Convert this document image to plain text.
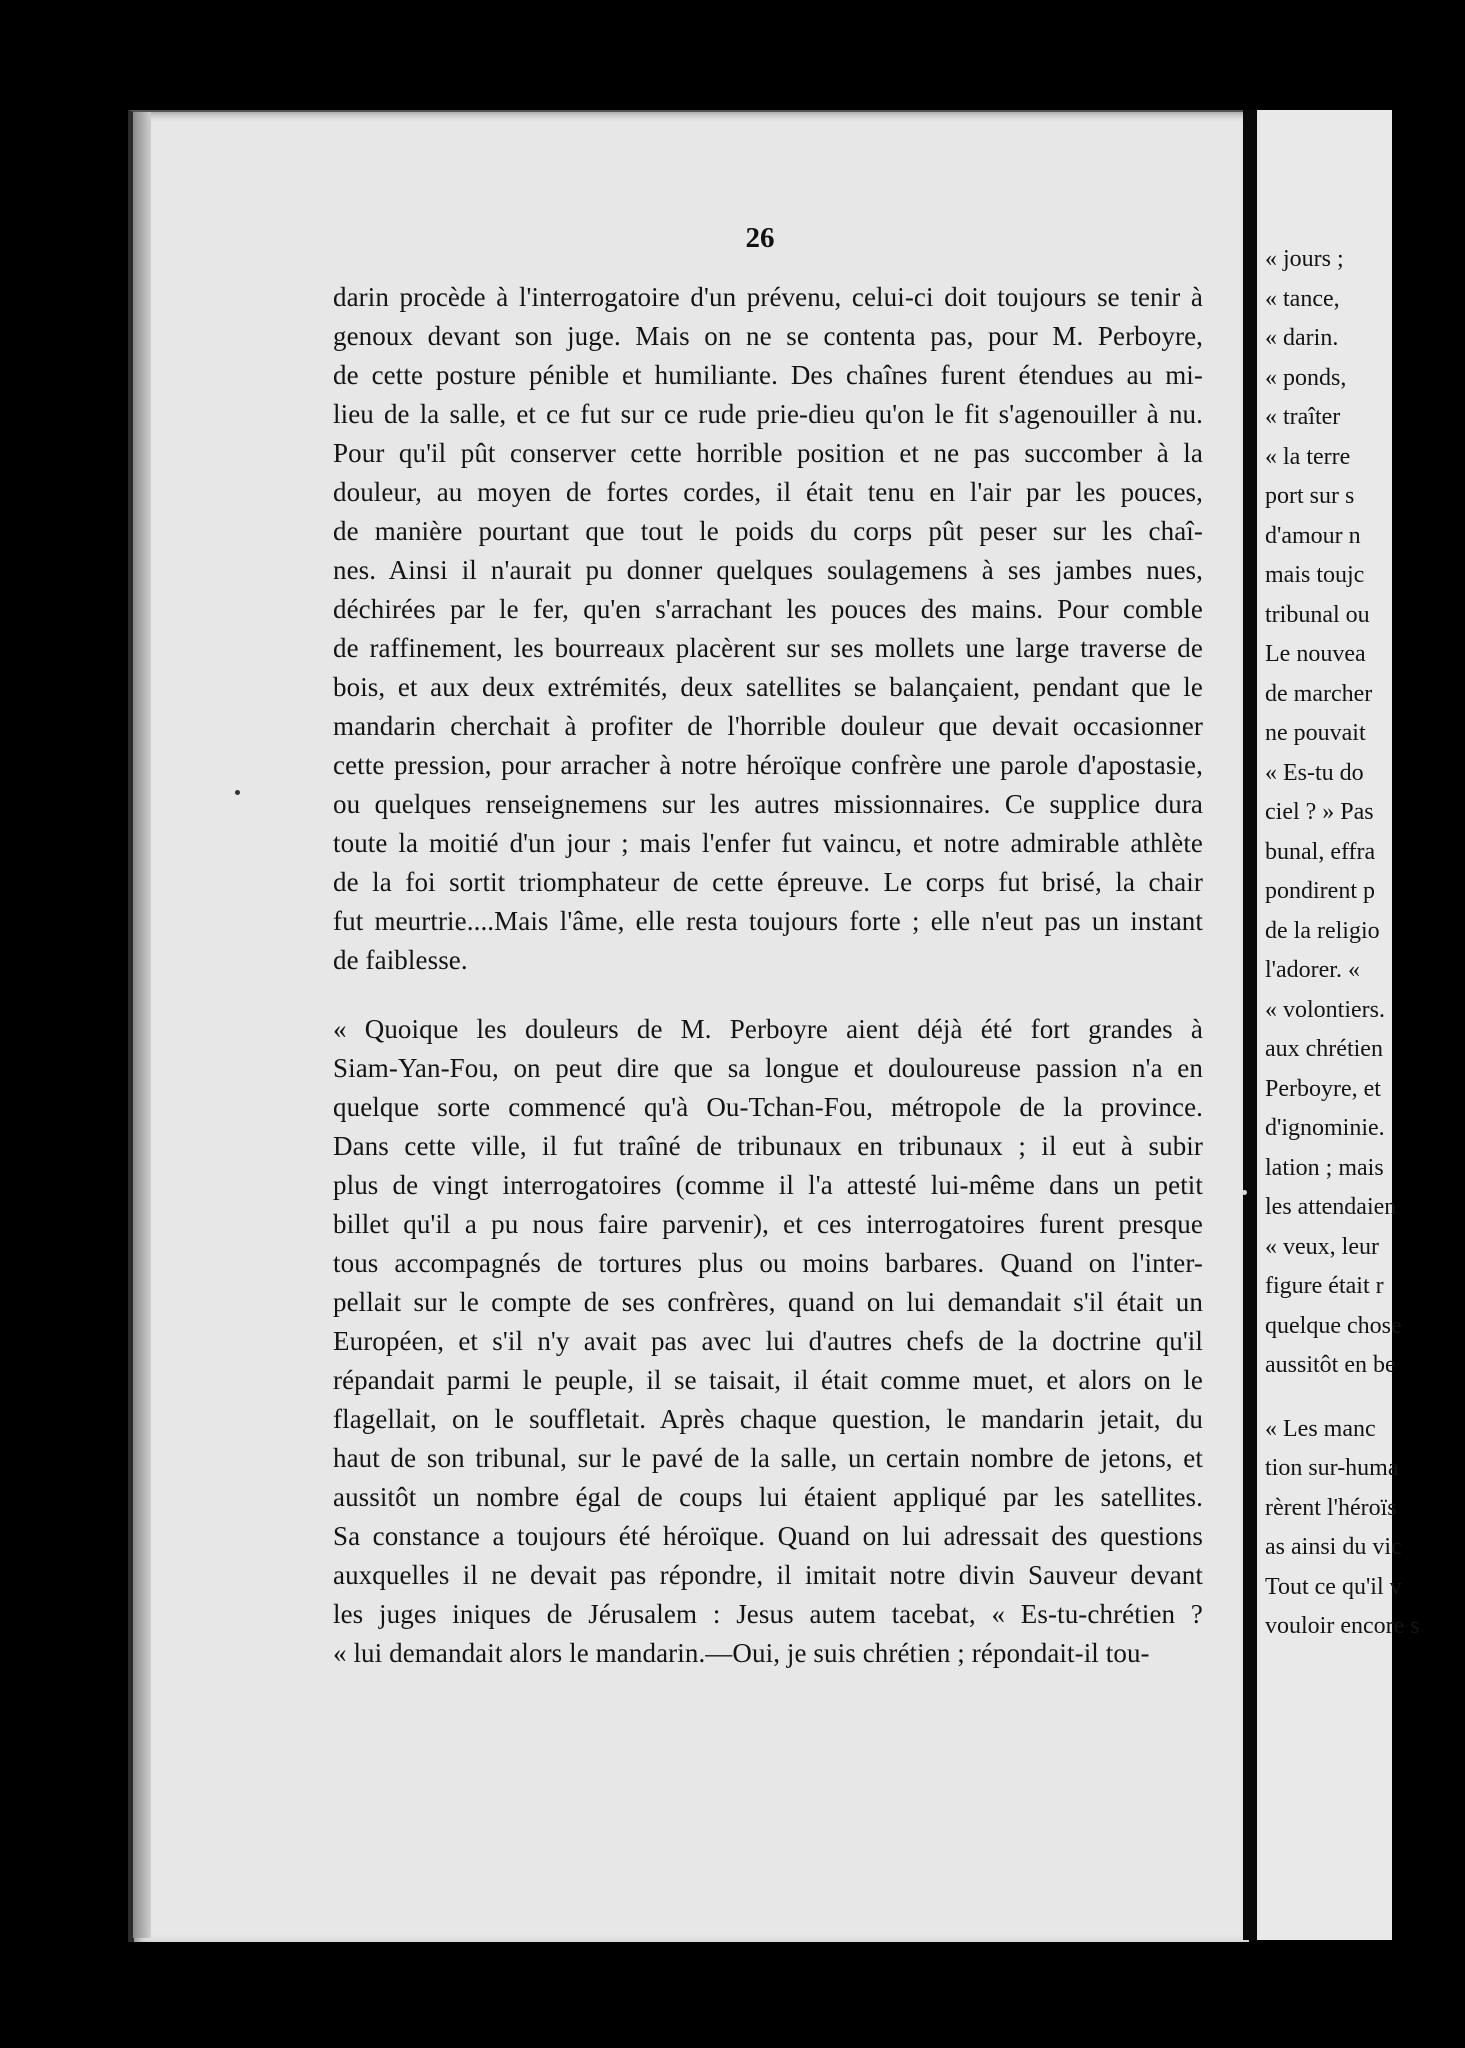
26
darin procède à l'interrogatoire d'un prévenu, celui-ci doit toujours se tenir à
genoux devant son juge. Mais on ne se contenta pas, pour M. Perboyre,
de cette posture pénible et humiliante. Des chaînes furent étendues au mi-
lieu de la salle, et ce fut sur ce rude prie-dieu qu'on le fit s'agenouiller à nu.
Pour qu'il pût conserver cette horrible position et ne pas succomber à la
douleur, au moyen de fortes cordes, il était tenu en l'air par les pouces,
de manière pourtant que tout le poids du corps pût peser sur les chaî-
nes. Ainsi il n'aurait pu donner quelques soulagemens à ses jambes nues,
déchirées par le fer, qu'en s'arrachant les pouces des mains. Pour comble
de raffinement, les bourreaux placèrent sur ses mollets une large traverse de
bois, et aux deux extrémités, deux satellites se balançaient, pendant que le
mandarin cherchait à profiter de l'horrible douleur que devait occasionner
cette pression, pour arracher à notre héroïque confrère une parole d'apostasie,
ou quelques renseignemens sur les autres missionnaires. Ce supplice dura
toute la moitié d'un jour ; mais l'enfer fut vaincu, et notre admirable athlète
de la foi sortit triomphateur de cette épreuve. Le corps fut brisé, la chair
fut meurtrie....Mais l'âme, elle resta toujours forte ; elle n'eut pas un instant
de faiblesse.
« Quoique les douleurs de M. Perboyre aient déjà été fort grandes à
Siam-Yan-Fou, on peut dire que sa longue et douloureuse passion n'a en
quelque sorte commencé qu'à Ou-Tchan-Fou, métropole de la province.
Dans cette ville, il fut traîné de tribunaux en tribunaux ; il eut à subir
plus de vingt interrogatoires (comme il l'a attesté lui-même dans un petit
billet qu'il a pu nous faire parvenir), et ces interrogatoires furent presque
tous accompagnés de tortures plus ou moins barbares. Quand on l'inter-
pellait sur le compte de ses confrères, quand on lui demandait s'il était un
Européen, et s'il n'y avait pas avec lui d'autres chefs de la doctrine qu'il
répandait parmi le peuple, il se taisait, il était comme muet, et alors on le
flagellait, on le souffletait. Après chaque question, le mandarin jetait, du
haut de son tribunal, sur le pavé de la salle, un certain nombre de jetons, et
aussitôt un nombre égal de coups lui étaient appliqué par les satellites.
Sa constance a toujours été héroïque. Quand on lui adressait des questions
auxquelles il ne devait pas répondre, il imitait notre divin Sauveur devant
les juges iniques de Jérusalem : Jesus autem tacebat, « Es-tu-chrétien ?
« lui demandait alors le mandarin.—Oui, je suis chrétien ; répondait-il tou-
« jours ;
« tance,
« darin.
« ponds,
« traîter
« la terre
port sur s
d'amour n
mais toujc
tribunal ou
Le nouvea
de marcher
ne pouvait
« Es-tu do
ciel ? » Pas
bunal, effra
pondirent p
de la religio
l'adorer. «
« volontiers.
aux chrétien
Perboyre, et
d'ignominie.
lation ; mais
les attendaien
« veux, leur
figure était r
quelque chose
aussitôt en be
« Les manc
tion sur-huma
rèrent l'héroïs
as ainsi du vic
Tout ce qu'il v
vouloir encore s
